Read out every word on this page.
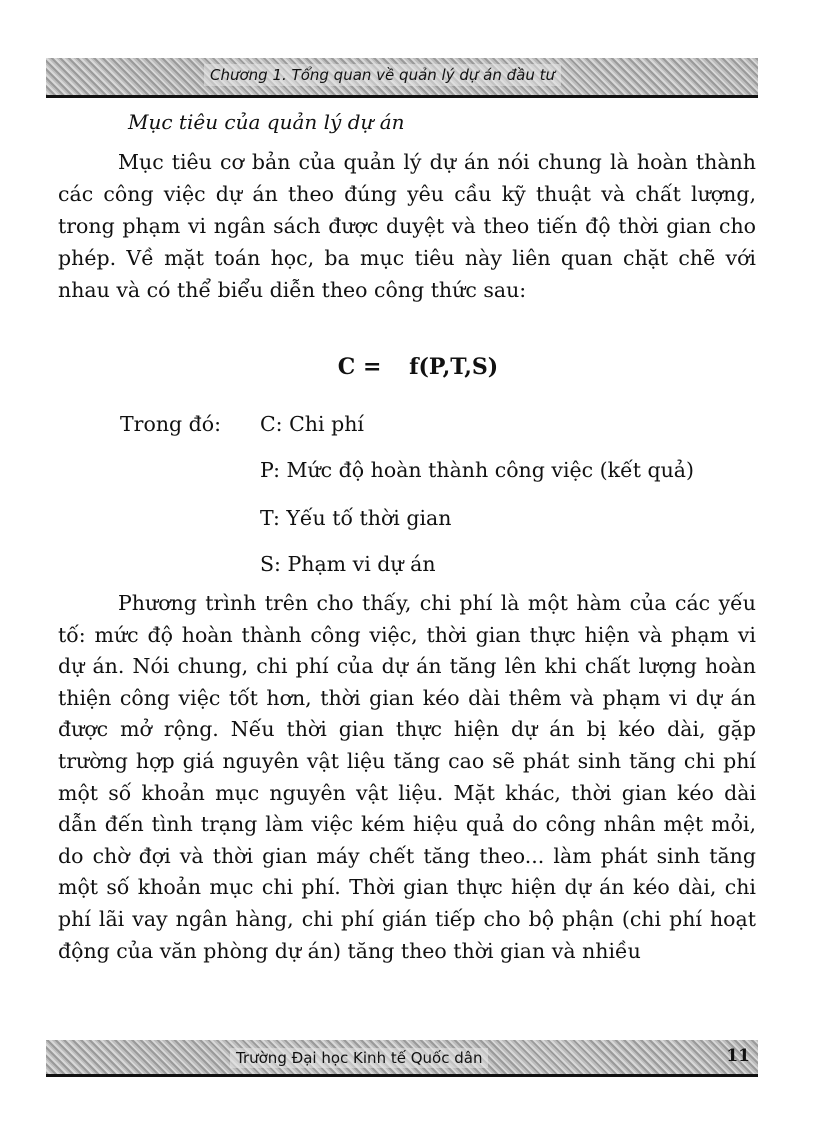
Chương 1. Tổng quan về quản lý dự án đầu tư
Mục tiêu của quản lý dự án

Mục tiêu cơ bản của quản lý dự án nói chung là hoàn thành các công việc dự án theo đúng yêu cầu kỹ thuật và chất lượng, trong phạm vi ngân sách được duyệt và theo tiến độ thời gian cho phép. Về mặt toán học, ba mục tiêu này liên quan chặt chẽ với nhau và có thể biểu diễn theo công thức sau:

C = f(P,T,S)
Trong đó: C: Chi phí
P: Mức độ hoàn thành công việc (kết quả)
T: Yếu tố thời gian
S: Phạm vi dự án

Phương trình trên cho thấy, chi phí là một hàm của các yếu tố: mức độ hoàn thành công việc, thời gian thực hiện và phạm vi dự án. Nói chung, chi phí của dự án tăng lên khi chất lượng hoàn thiện công việc tốt hơn, thời gian kéo dài thêm và phạm vi dự án được mở rộng. Nếu thời gian thực hiện dự án bị kéo dài, gặp trường hợp giá nguyên vật liệu tăng cao sẽ phát sinh tăng chi phí một số khoản mục nguyên vật liệu. Mặt khác, thời gian kéo dài dẫn đến tình trạng làm việc kém hiệu quả do công nhân mệt mỏi, do chờ đợi và thời gian máy chết tăng theo... làm phát sinh tăng một số khoản mục chi phí. Thời gian thực hiện dự án kéo dài, chi phí lãi vay ngân hàng, chi phí gián tiếp cho bộ phận (chi phí hoạt động của văn phòng dự án) tăng theo thời gian và nhiều

Trường Đại học Kinh tế Quốc dân	11
